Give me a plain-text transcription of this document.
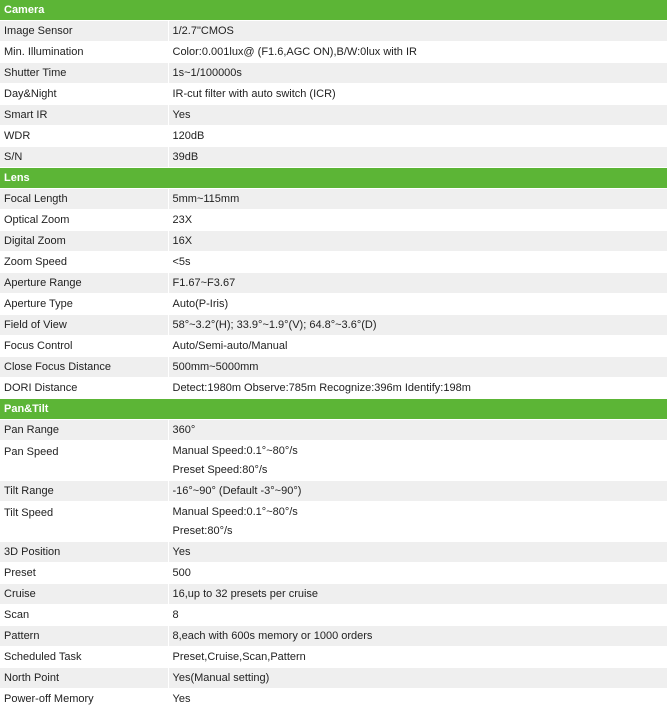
Camera	
Image Sensor	1/2.7"CMOS
Min. Illumination	Color:0.001lux@ (F1.6,AGC ON),B/W:0lux with IR
Shutter Time	1s~1/100000s
Day&Night	IR-cut filter with auto switch (ICR)
Smart IR	Yes
WDR	120dB
S/N	39dB
Lens	
Focal Length	5mm~115mm
Optical Zoom	23X
Digital Zoom	16X
Zoom Speed	<5s
Aperture Range	F1.67~F3.67
Aperture Type	Auto(P-Iris)
Field of View	58°~3.2°(H); 33.9°~1.9°(V); 64.8°~3.6°(D)
Focus Control	Auto/Semi-auto/Manual
Close Focus Distance	500mm~5000mm
DORI Distance	Detect:1980m Observe:785m Recognize:396m Identify:198m
Pan&Tilt	
Pan Range	360°
Pan Speed	Manual Speed:0.1°~80°/s
Preset Speed:80°/s

Tilt Range	-16°~90° (Default -3°~90°)
Tilt Speed	Manual Speed:0.1°~80°/s
Preset:80°/s

3D Position	Yes
Preset	500
Cruise	16,up to 32 presets per cruise
Scan	8
Pattern	8,each with 600s memory or 1000 orders
Scheduled Task	Preset,Cruise,Scan,Pattern
North Point	Yes(Manual setting)
Power-off Memory	Yes
